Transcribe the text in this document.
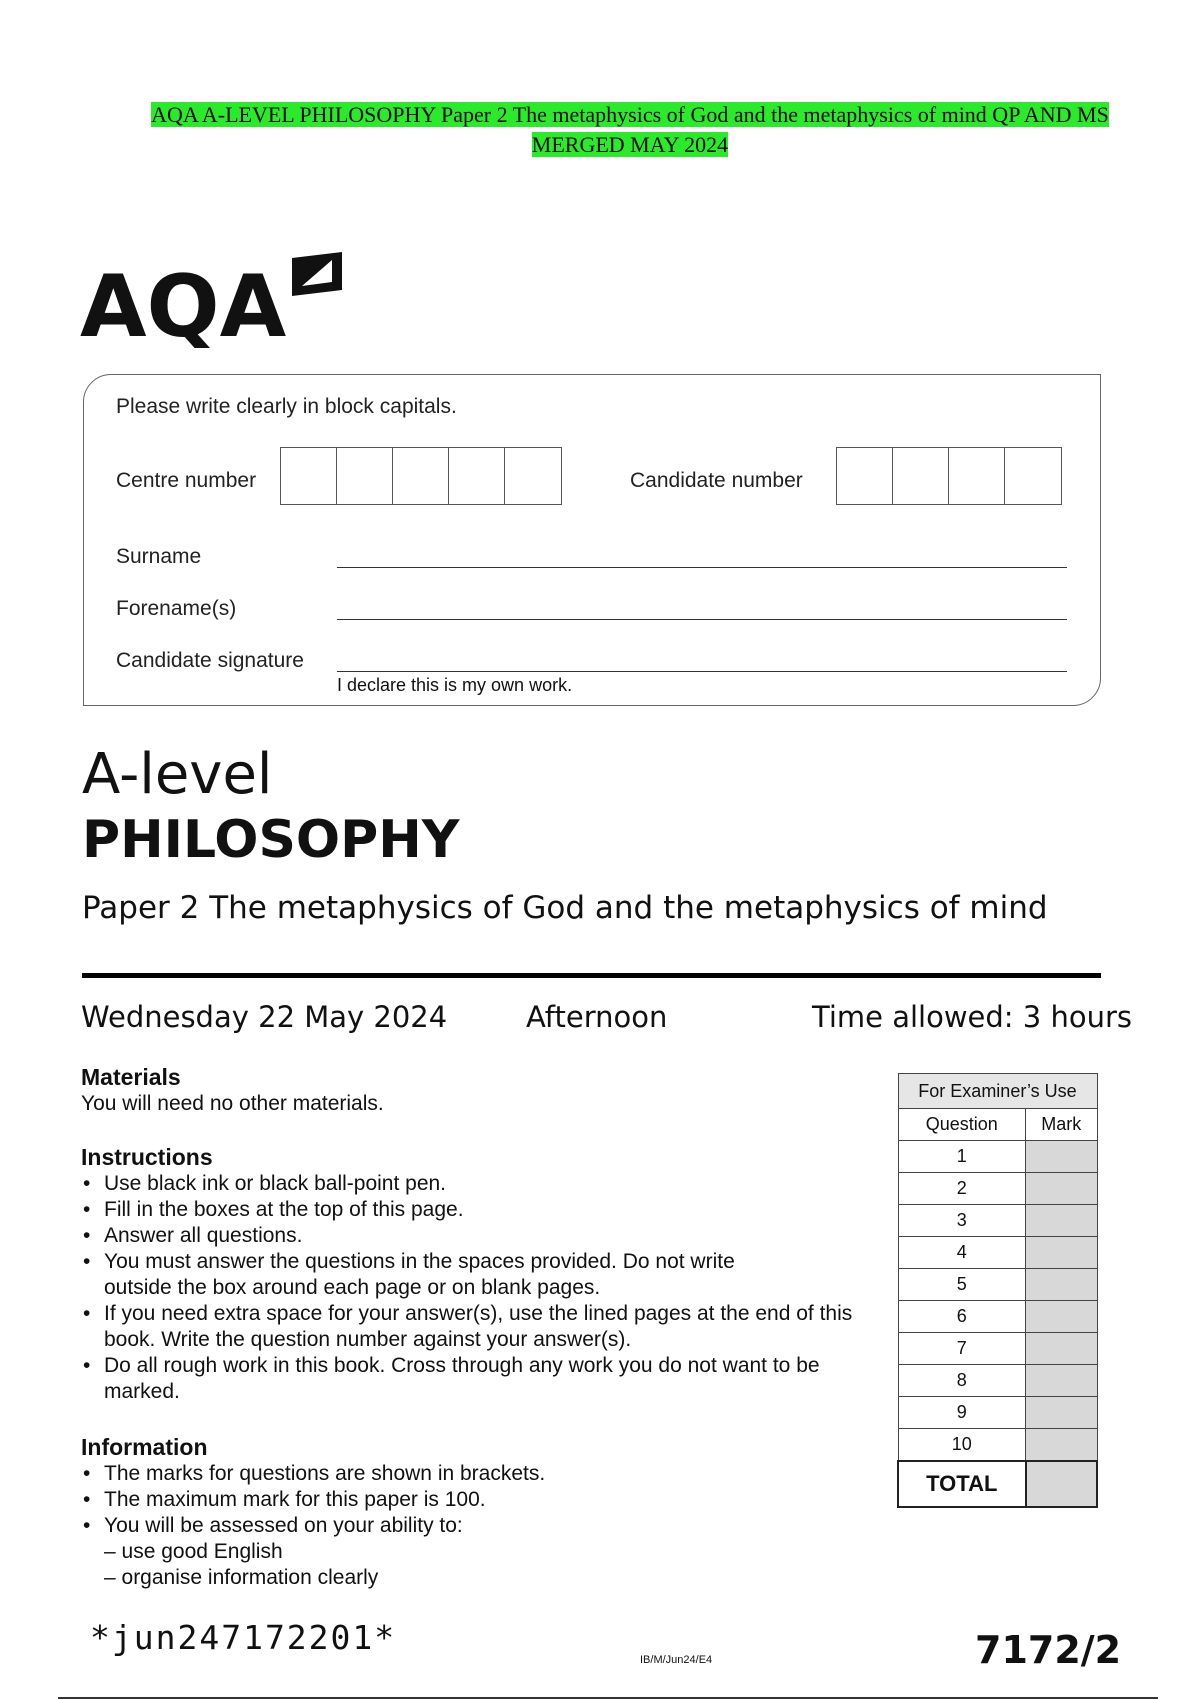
AQA A-LEVEL PHILOSOPHY Paper 2 The metaphysics of God and the metaphysics of mind QP AND MS
MERGED MAY 2024
AQA
Please write clearly in block capitals.
Centre number	Candidate number
Surname
Forename(s)
Candidate signature
I declare this is my own work.
A-level
PHILOSOPHY
Paper 2 The metaphysics of God and the metaphysics of mind
Wednesday 22 May 2024	Afternoon	Time allowed: 3 hours
Materials
You will need no other materials.
Instructions
• Use black ink or black ball-point pen.
• Fill in the boxes at the top of this page.
• Answer all questions.
• You must answer the questions in the spaces provided. Do not write outside the box around each page or on blank pages.
• If you need extra space for your answer(s), use the lined pages at the end of this book. Write the question number against your answer(s).
• Do all rough work in this book. Cross through any work you do not want to be marked.
Information
• The marks for questions are shown in brackets.
• The maximum mark for this paper is 100.
• You will be assessed on your ability to:
– use good English
– organise information clearly
For Examiner’s Use	
Question	Mark
1	
2	
3	
4	
5	
6	
7	
8	
9	
10	
TOTAL	
*jun247172201*
IB/M/Jun24/E4	7172/2
